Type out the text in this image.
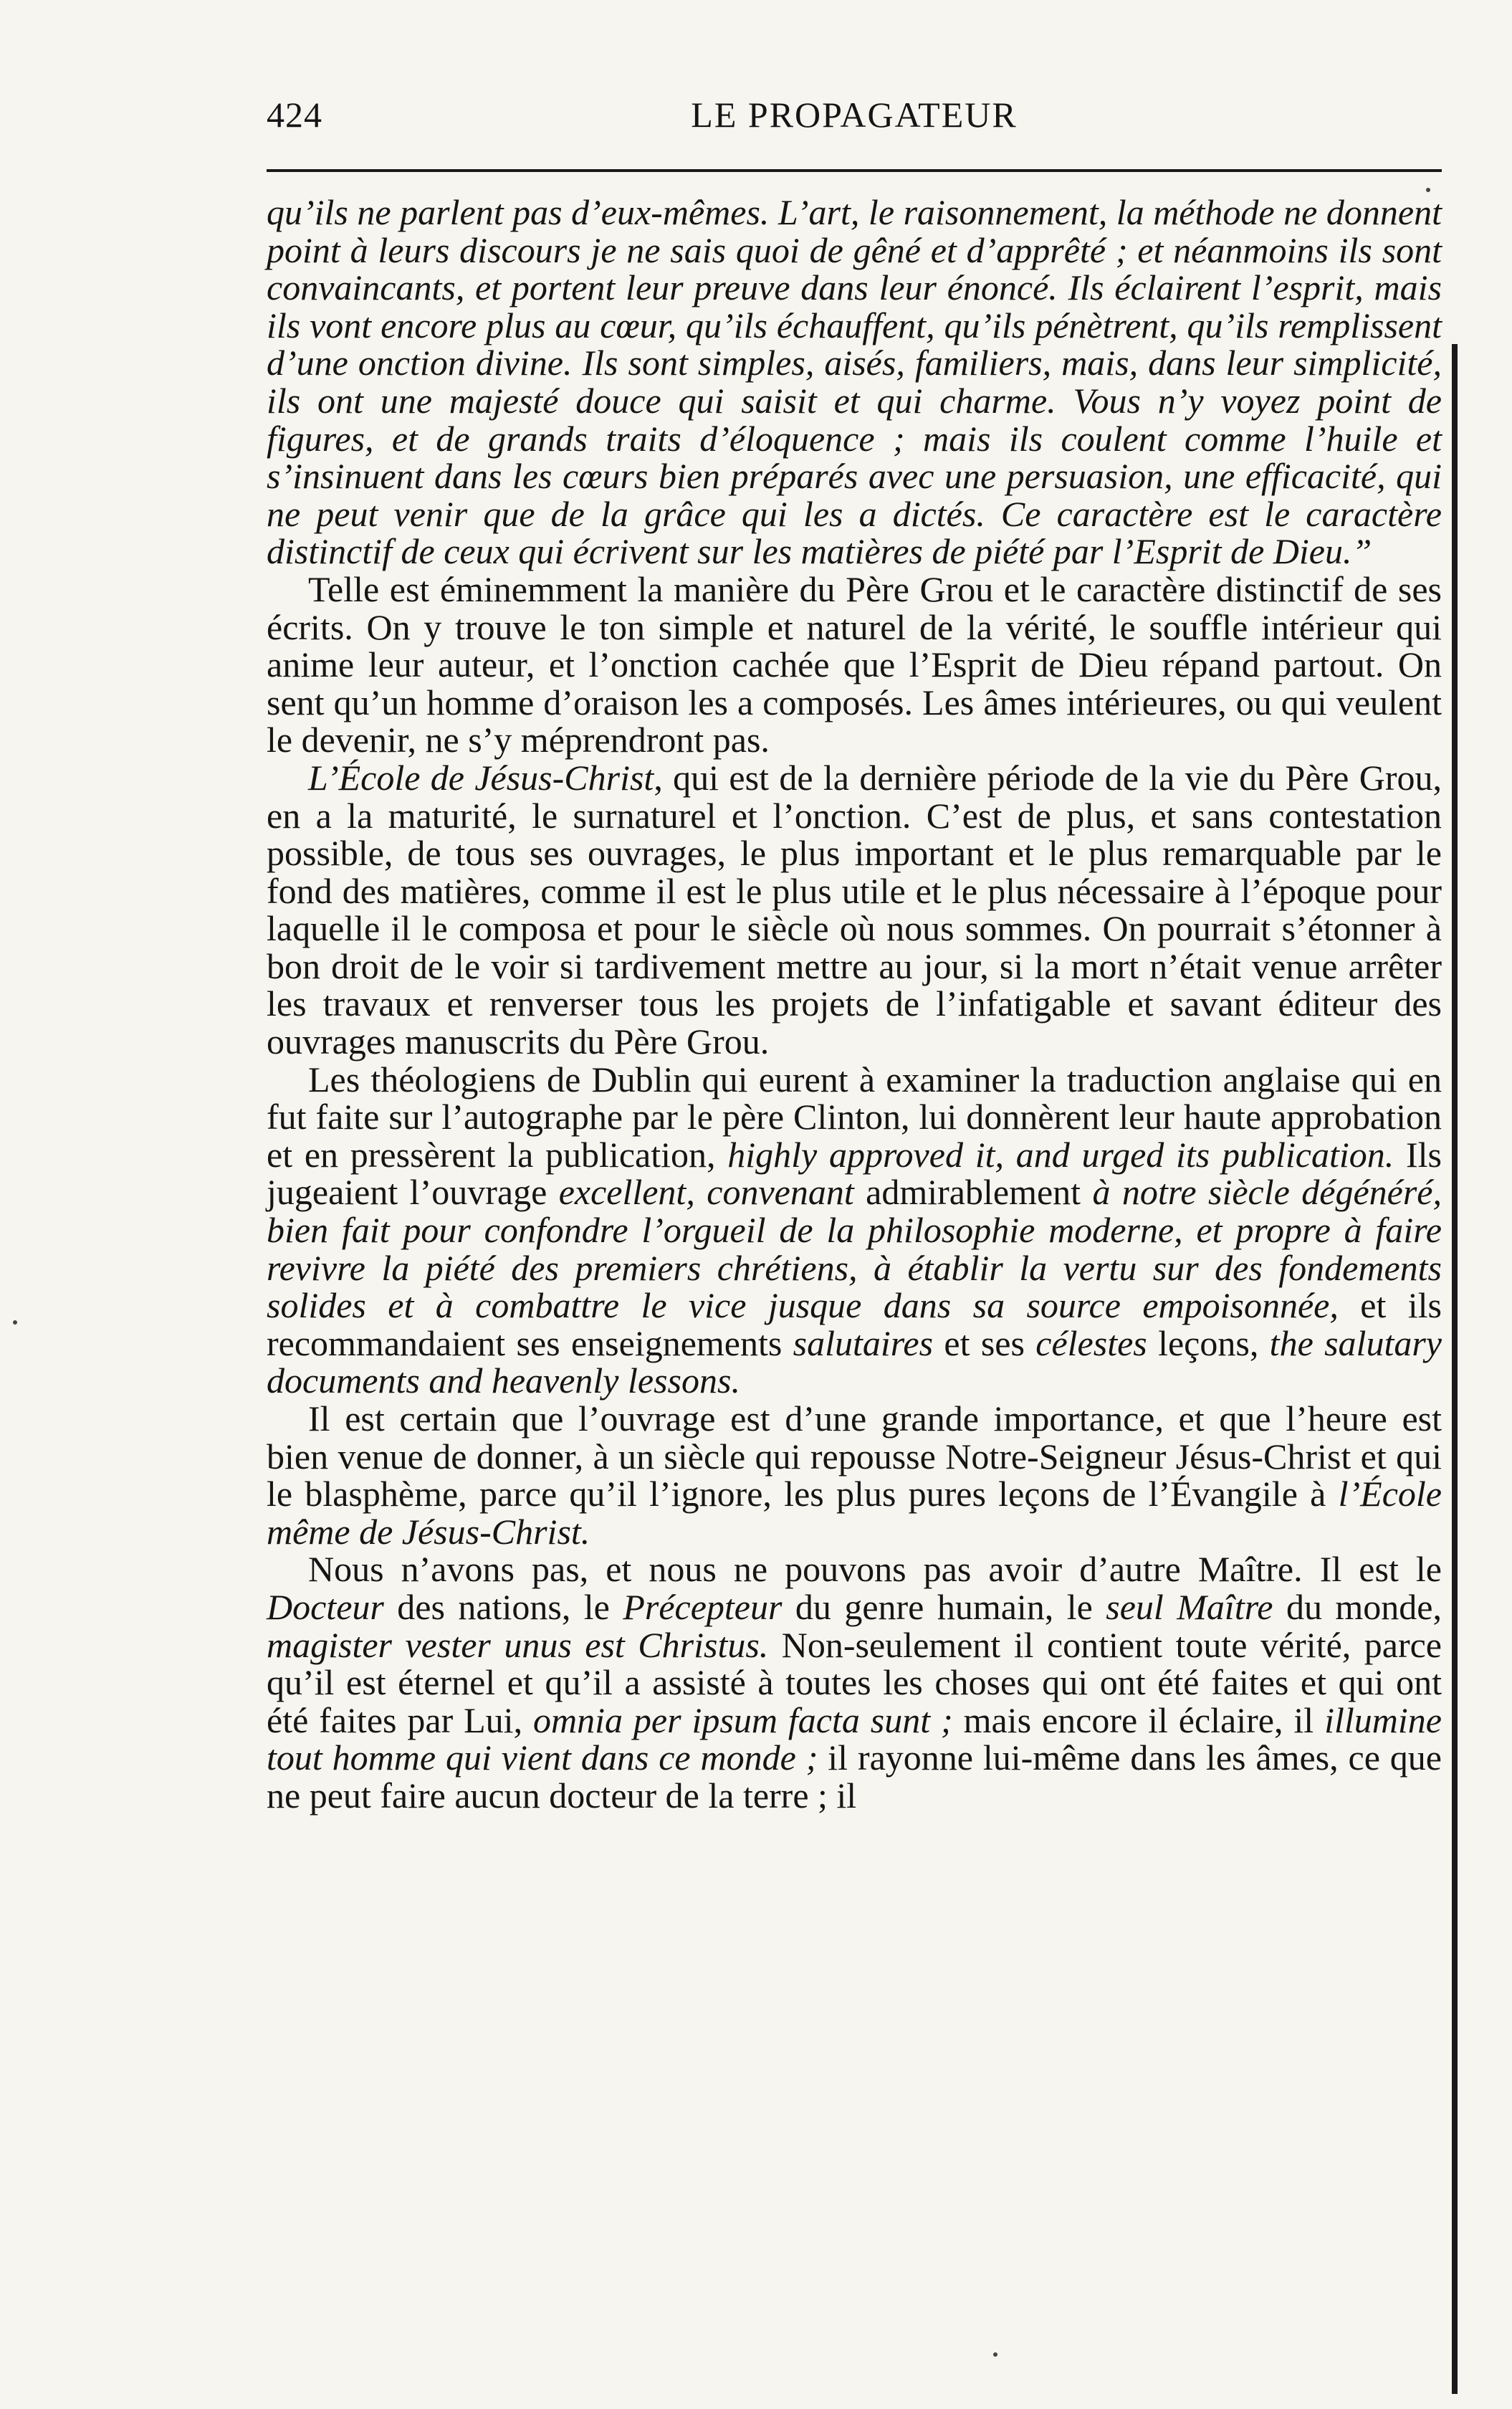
424	LE PROPAGATEUR

qu’ils ne parlent pas d’eux-mêmes. L’art, le raisonnement, la méthode ne donnent point à leurs discours je ne sais quoi de gêné et d’apprêté ; et néanmoins ils sont convaincants, et portent leur preuve dans leur énoncé. Ils éclairent l’esprit, mais ils vont encore plus au cœur, qu’ils échauffent, qu’ils pénètrent, qu’ils remplissent d’une onction divine. Ils sont simples, aisés, familiers, mais, dans leur simplicité, ils ont une majesté douce qui saisit et qui charme. Vous n’y voyez point de figures, et de grands traits d’éloquence ; mais ils coulent comme l’huile et s’insinuent dans les cœurs bien préparés avec une persuasion, une efficacité, qui ne peut venir que de la grâce qui les a dictés. Ce caractère est le caractère distinctif de ceux qui écrivent sur les matières de piété par l’Esprit de Dieu.”

Telle est éminemment la manière du Père Grou et le caractère distinctif de ses écrits. On y trouve le ton simple et naturel de la vérité, le souffle intérieur qui anime leur auteur, et l’onction cachée que l’Esprit de Dieu répand partout. On sent qu’un homme d’oraison les a composés. Les âmes intérieures, ou qui veulent le devenir, ne s’y méprendront pas.

L’École de Jésus-Christ, qui est de la dernière période de la vie du Père Grou, en a la maturité, le surnaturel et l’onction. C’est de plus, et sans contestation possible, de tous ses ouvrages, le plus important et le plus remarquable par le fond des matières, comme il est le plus utile et le plus nécessaire à l’époque pour laquelle il le composa et pour le siècle où nous sommes. On pourrait s’étonner à bon droit de le voir si tardivement mettre au jour, si la mort n’était venue arrêter les travaux et renverser tous les projets de l’infatigable et savant éditeur des ouvrages manuscrits du Père Grou.

Les théologiens de Dublin qui eurent à examiner la traduction anglaise qui en fut faite sur l’autographe par le père Clinton, lui donnèrent leur haute approbation et en pressèrent la publication, highly approved it, and urged its publication. Ils jugeaient l’ouvrage excellent, convenant admirablement à notre siècle dégénéré, bien fait pour confondre l’orgueil de la philosophie moderne, et propre à faire revivre la piété des premiers chrétiens, à établir la vertu sur des fondements solides et à combattre le vice jusque dans sa source empoisonnée, et ils recommandaient ses enseignements salutaires et ses célestes leçons, the salutary documents and heavenly lessons.

Il est certain que l’ouvrage est d’une grande importance, et que l’heure est bien venue de donner, à un siècle qui repousse Notre-Seigneur Jésus-Christ et qui le blasphème, parce qu’il l’ignore, les plus pures leçons de l’Évangile à l’École même de Jésus-Christ.

Nous n’avons pas, et nous ne pouvons pas avoir d’autre Maître. Il est le Docteur des nations, le Précepteur du genre humain, le seul Maître du monde, magister vester unus est Christus. Non-seulement il contient toute vérité, parce qu’il est éternel et qu’il a assisté à toutes les choses qui ont été faites et qui ont été faites par Lui, omnia per ipsum facta sunt ; mais encore il éclaire, il illumine tout homme qui vient dans ce monde ; il rayonne lui-même dans les âmes, ce que ne peut faire aucun docteur de la terre ; il
